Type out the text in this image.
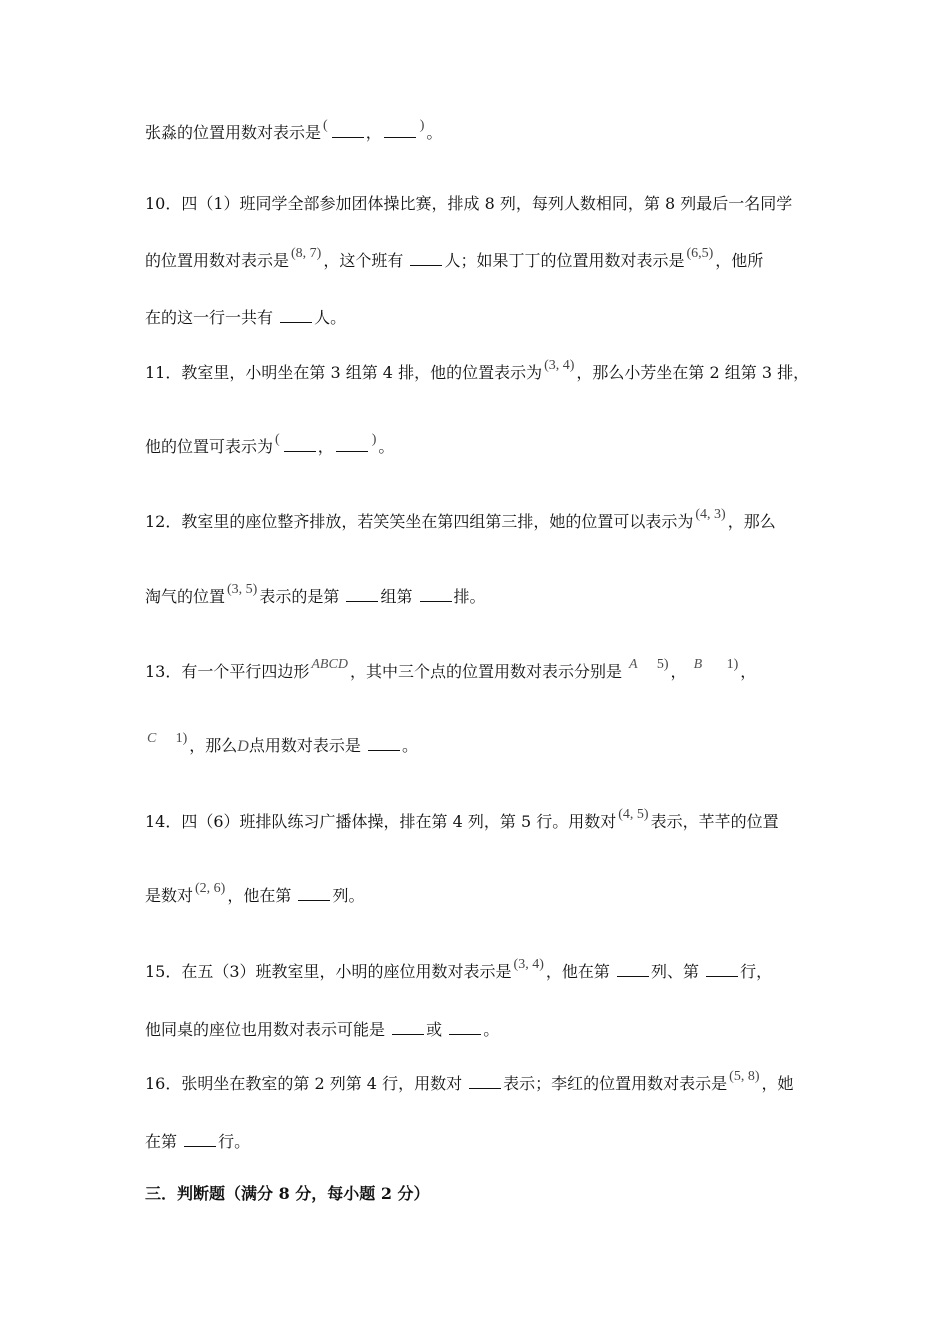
张淼的位置用数对表示是 ( ，	) 。
10．四（1）班同学全部参加团体操比赛，排成 8 列，每列人数相同，第 8 列最后一名同学
的位置用数对表示是 (8, 7) ，这个班有 人；如果丁丁的位置用数对表示是 (6,5) ，他所
在的这一行一共有 人。
11．教室里，小明坐在第 3 组第 4 排，他的位置表示为 (3, 4) ，那么小芳坐在第 2 组第 3 排，
他的位置可表示为 ( ，	) 。
12．教室里的座位整齐排放，若笑笑坐在第四组第三排，她的位置可以表示为 (4, 3) ，那么
淘气的位置 (3, 5) 表示的是第 组第 排。
13．有一个平行四边形 ABCD ，其中三个点的位置用数对表示分别是 A 5) ， B 1) ，
C 1) ，那么D点用数对表示是 。
14．四（6）班排队练习广播体操，排在第 4 列，第 5 行。用数对 (4, 5) 表示，芊芊的位置
是数对 (2, 6) ，他在第 列。
15．在五（3）班教室里，小明的座位用数对表示是 (3, 4) ，他在第 列、第 行，
他同桌的座位也用数对表示可能是 或 。
16．张明坐在教室的第 2 列第 4 行，用数对 表示；李红的位置用数对表示是 (5, 8) ，她
在第 行。
三．判断题（满分 8 分，每小题 2 分）
